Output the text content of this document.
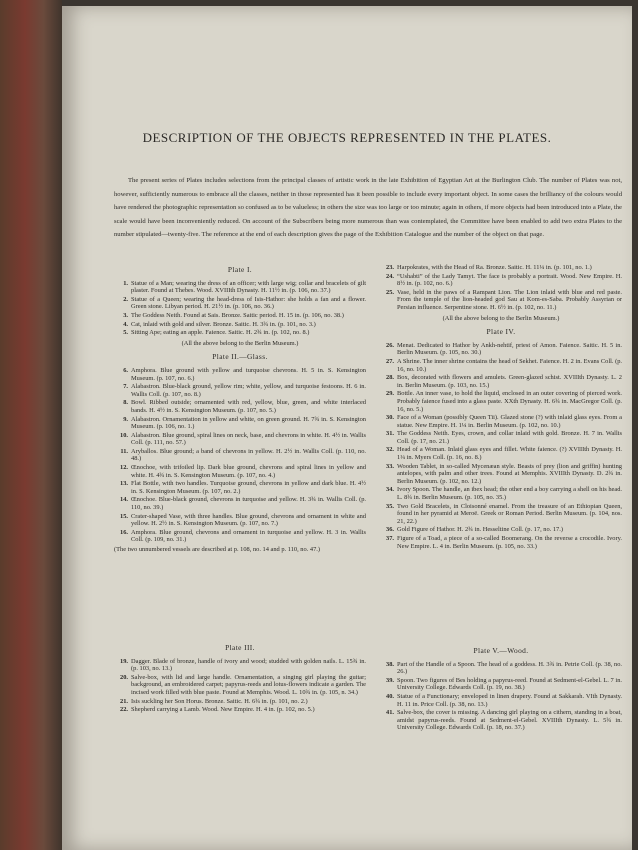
DESCRIPTION OF THE OBJECTS REPRESENTED IN THE PLATES.

The present series of Plates includes selections from the principal classes of artistic work in the late Exhibition of Egyptian Art at the Burlington Club. The number of Plates was not, however, sufficiently numerous to embrace all the classes, neither in those represented has it been possible to include every important object. In some cases the brilliancy of the colours would have rendered the photographic representation so confused as to be valueless; in others the size was too large or too minute; again in others, if more objects had been introduced into a Plate, the scale would have been inconveniently reduced. On account of the Subscribers being more numerous than was contemplated, the Committee have been enabled to add two extra Plates to the number stipulated—twenty-five. The reference at the end of each description gives the page of the Exhibition Catalogue and the number of the object on that page.

Plate I.
1. Statue of a Man; wearing the dress of an officer; with large wig; collar and bracelets of gilt plaster. Found at Thebes. Wood. XVIIIth Dynasty. H. 11½ in. (p. 106, no. 37.)
2. Statue of a Queen; wearing the head-dress of Isis-Hathor: she holds a fan and a flower. Green stone. Libyan period. H. 21½ in. (p. 106, no. 36.)
3. The Goddess Neith. Found at Sais. Bronze. Saitic period. H. 15 in. (p. 106, no. 38.)
4. Cat, inlaid with gold and silver. Bronze. Saitic. H. 3¾ in. (p. 101, no. 3.)
5. Sitting Ape; eating an apple. Faience. Saitic. H. 2¾ in. (p. 102, no. 8.)
(All the above belong to the Berlin Museum.)
Plate II.—Glass.
6. Amphora. Blue ground with yellow and turquoise chevrons. H. 5 in. S. Kensington Museum. (p. 107, no. 6.)
7. Alabastron. Blue-black ground, yellow rim; white, yellow, and turquoise festoons. H. 6 in. Wallis Coll. (p. 107, no. 8.)
8. Bowl. Ribbed outside; ornamented with red, yellow, blue, green, and white interlaced bands. H. 4½ in. S. Kensington Museum. (p. 107, no. 5.)
9. Alabastron. Ornamentation in yellow and white, on green ground. H. 7¾ in. S. Kensington Museum. (p. 106, no. 1.)
10. Alabastron. Blue ground, spiral lines on neck, base, and chevrons in white. H. 4½ in. Wallis Coll. (p. 111, no. 57.)
11. Aryballos. Blue ground; a band of chevrons in yellow. H. 2½ in. Wallis Coll. (p. 110, no. 48.)
12. Œnochoe, with trifoiled lip. Dark blue ground, chevrons and spiral lines in yellow and white. H. 4¾ in. S. Kensington Museum. (p. 107, no. 4.)
13. Flat Bottle, with two handles. Turquoise ground, chevrons in yellow and dark blue. H. 4½ in. S. Kensington Museum. (p. 107, no. 2.)
14. Œnochoe. Blue-black ground, chevrons in turquoise and yellow. H. 3¾ in. Wallis Coll. (p. 110, no. 39.)
15. Crater-shaped Vase, with three handles. Blue ground, chevrons and ornament in white and yellow. H. 2½ in. S. Kensington Museum. (p. 107, no. 7.)
16. Amphora. Blue ground, chevrons and ornament in turquoise and yellow. H. 3 in. Wallis Coll. (p. 109, no. 31.)
(The two unnumbered vessels are described at p. 108, no. 14 and p. 110, no. 47.)
Plate III.
19. Dagger. Blade of bronze, handle of ivory and wood; studded with golden nails. L. 15¾ in. (p. 103, no. 13.)
20. Salve-box, with lid and large handle. Ornamentation, a singing girl playing the guitar; background, an embroidered carpet; papyrus-reeds and lotus-flowers indicate a garden. The incised work filled with blue paste. Found at Memphis. Wood. L. 10¾ in. (p. 105, n. 34.)
21. Isis suckling her Son Horus. Bronze. Saitic. H. 6¾ in. (p. 101, no. 2.)
22. Shepherd carrying a Lamb. Wood. New Empire. H. 4 in. (p. 102, no. 5.)
23. Harpokrates, with the Head of Ra. Bronze. Saitic. H. 11¼ in. (p. 101, no. 1.)
24. “Ushabti” of the Lady Tamyt. The face is probably a portrait. Wood. New Empire. H. 8½ in. (p. 102, no. 6.)
25. Vase, held in the paws of a Rampant Lion. The Lion inlaid with blue and red paste. From the temple of the lion-headed god Sau at Kom-es-Saba. Probably Assyrian or Persian influence. Serpentine stone. H. 6½ in. (p. 102, no. 11.)
(All the above belong to the Berlin Museum.)
Plate IV.
26. Menat. Dedicated to Hathor by Ankh-nehtif, priest of Amon. Faience. Saitic. H. 5 in. Berlin Museum. (p. 105, no. 30.)
27. A Shrine. The inner shrine contains the head of Sekhet. Faience. H. 2 in. Evans Coll. (p. 16, no. 10.)
28. Box, decorated with flowers and amulets. Green-glazed schist. XVIIIth Dynasty. L. 2 in. Berlin Museum. (p. 103, no. 15.)
29. Bottle. An inner vase, to hold the liquid, enclosed in an outer covering of pierced work. Probably faience fused into a glass paste. XXth Dynasty. H. 6¾ in. MacGregor Coll. (p. 16, no. 5.)
30. Face of a Woman (possibly Queen Tii). Glazed stone (?) with inlaid glass eyes. From a statue. New Empire. H. 1¼ in. Berlin Museum. (p. 102, no. 10.)
31. The Goddess Neith. Eyes, crown, and collar inlaid with gold. Bronze. H. 7 in. Wallis Coll. (p. 17, no. 21.)
32. Head of a Woman. Inlaid glass eyes and fillet. White faience. (?) XVIIIth Dynasty. H. 1¼ in. Myers Coll. (p. 16, no. 8.)
33. Wooden Tablet, in so-called Mycenæan style. Beasts of prey (lion and griffin) hunting antelopes, with palm and other trees. Found at Memphis. XVIIIth Dynasty. D. 2¾ in. Berlin Museum. (p. 102, no. 12.)
34. Ivory Spoon. The handle, an ibex head; the other end a boy carrying a shell on his head. L. 8¾ in. Berlin Museum. (p. 105, no. 35.)
35. Two Gold Bracelets, in Cloisonné enamel. From the treasure of an Ethiopian Queen, found in her pyramid at Meroë. Greek or Roman Period. Berlin Museum. (p. 104, nos. 21, 22.)
36. Gold Figure of Hathor. H. 2¾ in. Hesseltine Coll. (p. 17, no. 17.)
37. Figure of a Toad, a piece of a so-called Boomerang. On the reverse a crocodile. Ivory. New Empire. L. 4 in. Berlin Museum. (p. 105, no. 33.)
Plate V.—Wood.
38. Part of the Handle of a Spoon. The head of a goddess. H. 3¾ in. Petrie Coll. (p. 38, no. 26.)
39. Spoon. Two figures of Bes holding a papyrus-reed. Found at Sedment-el-Gebel. L. 7 in. University College. Edwards Coll. (p. 19, no. 38.)
40. Statue of a Functionary; enveloped in linen drapery. Found at Sakkarah. VIth Dynasty. H. 11 in. Price Coll. (p. 38, no. 13.)
41. Salve-box, the cover is missing. A dancing girl playing on a cithern, standing in a boat, amidst papyrus-reeds. Found at Sedment-el-Gebel. XVIIIth Dynasty. L. 5¾ in. University College. Edwards Coll. (p. 18, no. 37.)
